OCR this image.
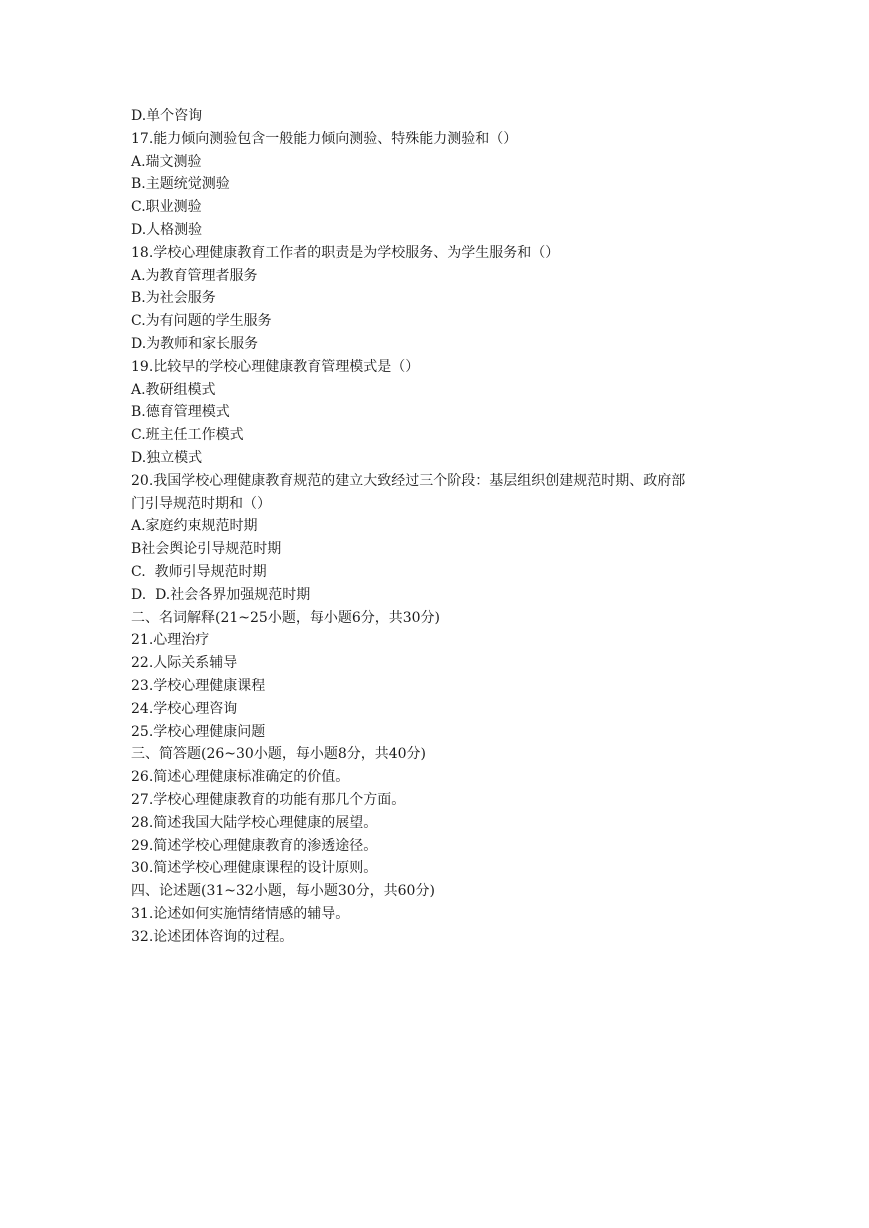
D.单个咨询

17.能力倾向测验包含一般能力倾向测验、特殊能力测验和（）

A.瑞文测验

B.主题统觉测验

C.职业测验

D.人格测验

18.学校心理健康教育工作者的职责是为学校服务、为学生服务和（）

A.为教育管理者服务

B.为社会服务

C.为有问题的学生服务

D.为教师和家长服务

19.比较早的学校心理健康教育管理模式是（）

A.教研组模式

B.德育管理模式

C.班主任工作模式

D.独立模式

20.我国学校心理健康教育规范的建立大致经过三个阶段：基层组织创建规范时期、政府部

门引导规范时期和（）

A.家庭约束规范时期

B社会舆论引导规范时期

C.  教师引导规范时期

D.  D.社会各界加强规范时期

二、名词解释(21~25小题，每小题6分，共30分)

21.心理治疗

22.人际关系辅导

23.学校心理健康课程

24.学校心理咨询

25.学校心理健康问题

三、简答题(26~30小题，每小题8分，共40分)

26.简述心理健康标准确定的价值。

27.学校心理健康教育的功能有那几个方面。

28.简述我国大陆学校心理健康的展望。

29.简述学校心理健康教育的渗透途径。

30.简述学校心理健康课程的设计原则。

四、论述题(31~32小题，每小题30分，共60分)

31.论述如何实施情绪情感的辅导。

32.论述团体咨询的过程。
